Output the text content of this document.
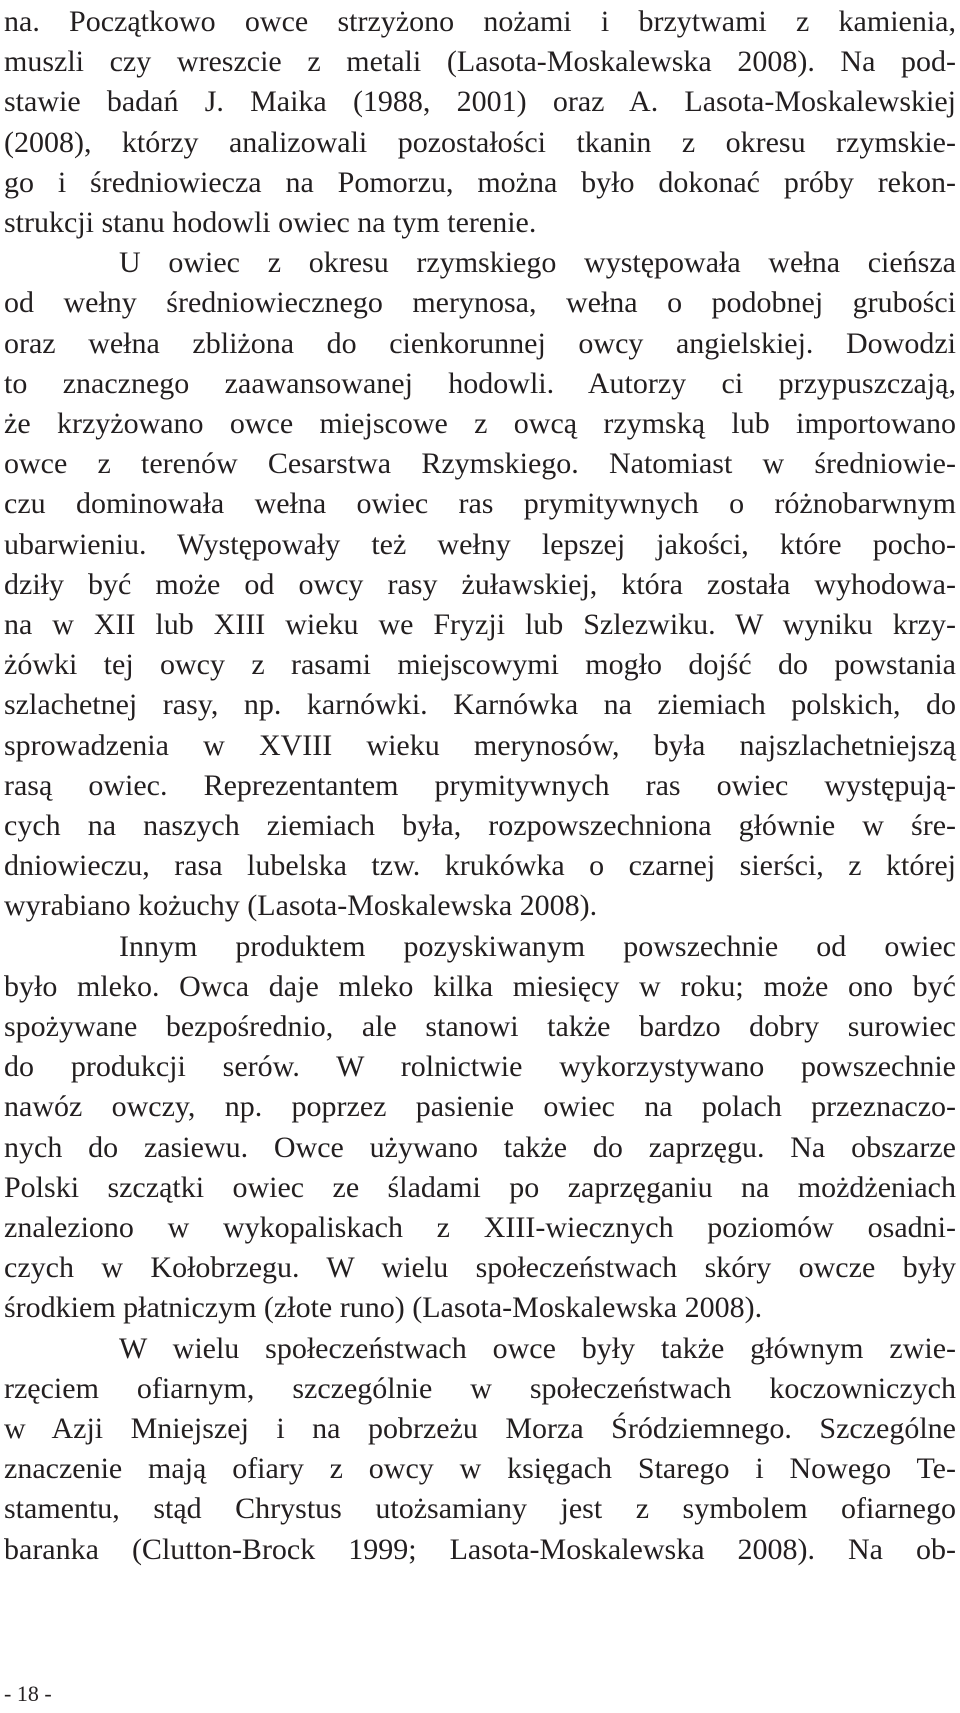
na. Początkowo owce strzyżono nożami i brzytwami z kamienia,
muszli czy wreszcie z metali (Lasota-Moskalewska 2008). Na pod-
stawie badań J. Maika (1988, 2001) oraz A. Lasota-Moskalewskiej
(2008), którzy analizowali pozostałości tkanin z okresu rzymskie-
go i średniowiecza na Pomorzu, można było dokonać próby rekon-
strukcji stanu hodowli owiec na tym terenie.
U owiec z okresu rzymskiego występowała wełna cieńsza
od wełny średniowiecznego merynosa, wełna o podobnej grubości
oraz wełna zbliżona do cienkorunnej owcy angielskiej. Dowodzi
to znacznego zaawansowanej hodowli. Autorzy ci przypuszczają,
że krzyżowano owce miejscowe z owcą rzymską lub importowano
owce z terenów Cesarstwa Rzymskiego. Natomiast w średniowie-
czu dominowała wełna owiec ras prymitywnych o różnobarwnym
ubarwieniu. Występowały też wełny lepszej jakości, które pocho-
dziły być może od owcy rasy żuławskiej, która została wyhodowa-
na w XII lub XIII wieku we Fryzji lub Szlezwiku. W wyniku krzy-
żówki tej owcy z rasami miejscowymi mogło dojść do powstania
szlachetnej rasy, np. karnówki. Karnówka na ziemiach polskich, do
sprowadzenia w XVIII wieku merynosów, była najszlachetniejszą
rasą owiec. Reprezentantem prymitywnych ras owiec występują-
cych na naszych ziemiach była, rozpowszechniona głównie w śre-
dniowieczu, rasa lubelska tzw. krukówka o czarnej sierści, z której
wyrabiano kożuchy (Lasota-Moskalewska 2008).
Innym produktem pozyskiwanym powszechnie od owiec
było mleko. Owca daje mleko kilka miesięcy w roku; może ono być
spożywane bezpośrednio, ale stanowi także bardzo dobry surowiec
do produkcji serów. W rolnictwie wykorzystywano powszechnie
nawóz owczy, np. poprzez pasienie owiec na polach przeznaczo-
nych do zasiewu. Owce używano także do zaprzęgu. Na obszarze
Polski szczątki owiec ze śladami po zaprzęganiu na możdżeniach
znaleziono w wykopaliskach z XIII-wiecznych poziomów osadni-
czych w Kołobrzegu. W wielu społeczeństwach skóry owcze były
środkiem płatniczym (złote runo) (Lasota-Moskalewska 2008).
W wielu społeczeństwach owce były także głównym zwie-
rzęciem ofiarnym, szczególnie w społeczeństwach koczowniczych
w Azji Mniejszej i na pobrzeżu Morza Śródziemnego. Szczególne
znaczenie mają ofiary z owcy w księgach Starego i Nowego Te-
stamentu, stąd Chrystus utożsamiany jest z symbolem ofiarnego
baranka (Clutton-Brock 1999; Lasota-Moskalewska 2008). Na ob-
- 18 -
